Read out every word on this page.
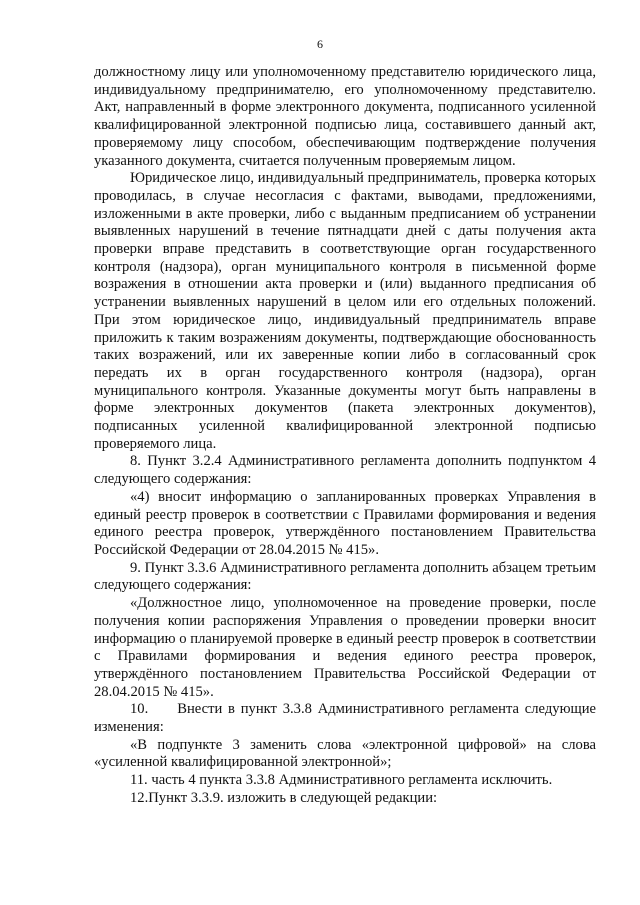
6

должностному лицу или уполномоченному представителю юридического лица, индивидуальному предпринимателю, его уполномоченному представителю. Акт, направленный в форме электронного документа, подписанного усиленной квалифицированной электронной подписью лица, составившего данный акт, проверяемому лицу способом, обеспечивающим подтверждение получения указанного документа, считается полученным проверяемым лицом.

Юридическое лицо, индивидуальный предприниматель, проверка которых проводилась, в случае несогласия с фактами, выводами, предложениями, изложенными в акте проверки, либо с выданным предписанием об устранении выявленных нарушений в течение пятнадцати дней с даты получения акта проверки вправе представить в соответствующие орган государственного контроля (надзора), орган муниципального контроля в письменной форме возражения в отношении акта проверки и (или) выданного предписания об устранении выявленных нарушений в целом или его отдельных положений. При этом юридическое лицо, индивидуальный предприниматель вправе приложить к таким возражениям документы, подтверждающие обоснованность таких возражений, или их заверенные копии либо в согласованный срок передать их в орган государственного контроля (надзора), орган муниципального контроля. Указанные документы могут быть направлены в форме электронных документов (пакета электронных документов), подписанных усиленной квалифицированной электронной подписью проверяемого лица.

8. Пункт 3.2.4 Административного регламента дополнить подпунктом 4 следующего содержания:

«4) вносит информацию о запланированных проверках Управления в единый реестр проверок в соответствии с Правилами формирования и ведения единого реестра проверок, утверждённого постановлением Правительства Российской Федерации от 28.04.2015 № 415».

9. Пункт 3.3.6 Административного регламента дополнить абзацем третьим следующего содержания:

«Должностное лицо, уполномоченное на проведение проверки, после получения копии распоряжения Управления о проведении проверки вносит информацию о планируемой проверке в единый реестр проверок в соответствии с Правилами формирования и ведения единого реестра проверок, утверждённого постановлением Правительства Российской Федерации от 28.04.2015 № 415».

10.     Внести в пункт 3.3.8 Административного регламента следующие изменения:

«В подпункте 3 заменить слова «электронной цифровой» на слова «усиленной квалифицированной электронной»;

11. часть 4 пункта 3.3.8 Административного регламента исключить.

12.Пункт 3.3.9. изложить в следующей редакции:
